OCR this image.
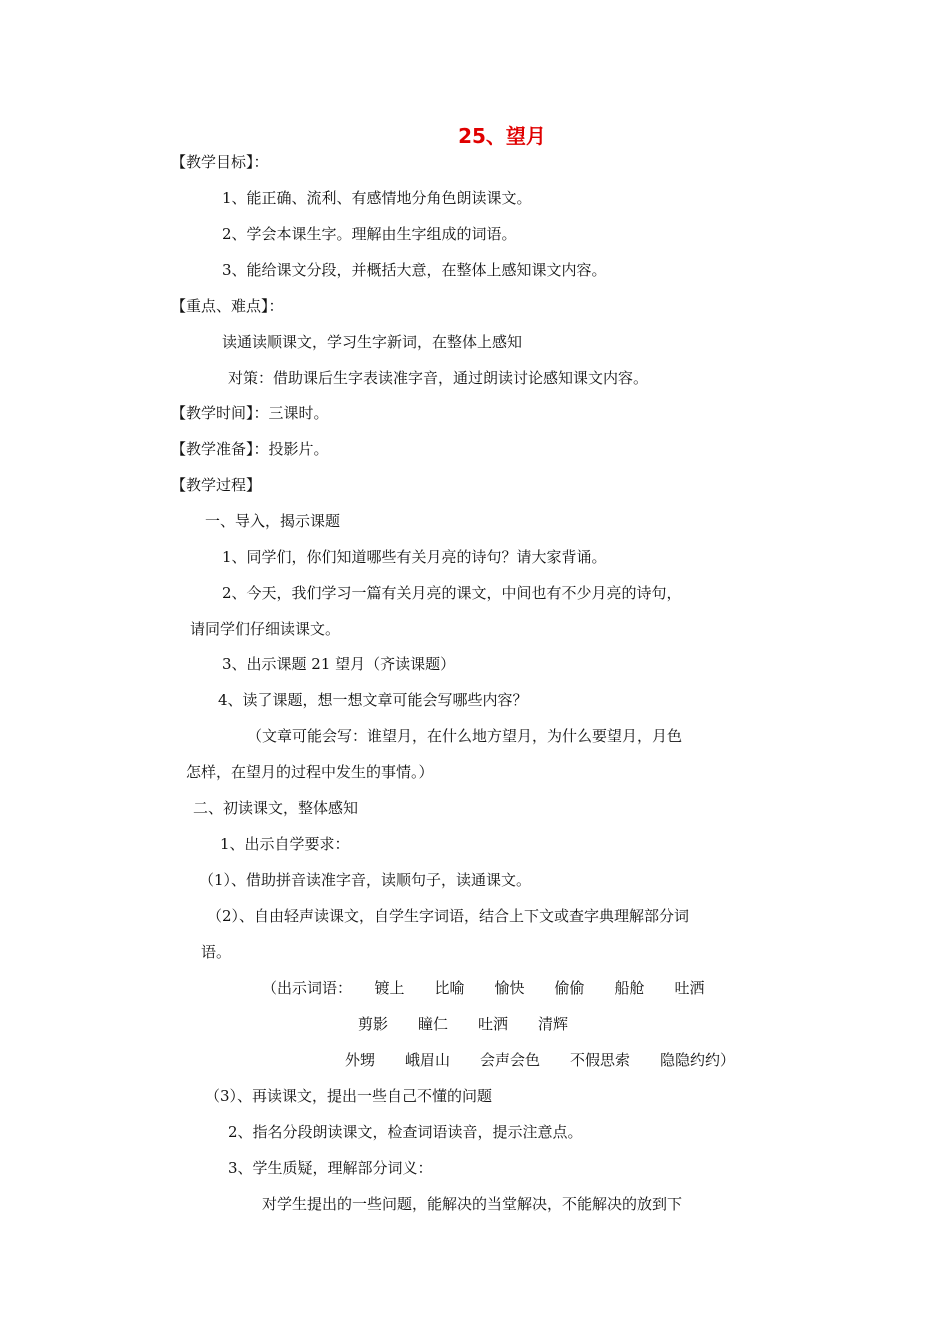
25、望月
【教学目标】：
1、能正确、流利、有感情地分角色朗读课文。
2、学会本课生字。理解由生字组成的词语。
3、能给课文分段，并概括大意，在整体上感知课文内容。
【重点、难点】：
读通读顺课文，学习生字新词，在整体上感知
对策：借助课后生字表读准字音，通过朗读讨论感知课文内容。
【教学时间】：三课时。
【教学准备】：投影片。
【教学过程】
一、导入，揭示课题
1、同学们，你们知道哪些有关月亮的诗句？请大家背诵。
2、今天，我们学习一篇有关月亮的课文，中间也有不少月亮的诗句，
请同学们仔细读课文。
3、出示课题 21 望月（齐读课题）
4、读了课题，想一想文章可能会写哪些内容？
（文章可能会写：谁望月，在什么地方望月，为什么要望月，月色
怎样，在望月的过程中发生的事情。）
二、初读课文，整体感知
1、出示自学要求：
（1）、借助拼音读准字音，读顺句子，读通课文。
（2）、自由轻声读课文，自学生字词语，结合上下文或查字典理解部分词
语。
（出示词语：　　镀上　　比喻　　愉快　　偷偷　　船舱　　吐洒
剪影　　瞳仁　　吐洒　　清辉
外甥　　峨眉山　　会声会色　　不假思索　　隐隐约约）
（3）、再读课文，提出一些自己不懂的问题
2、指名分段朗读课文，检查词语读音，提示注意点。
3、学生质疑，理解部分词义：
对学生提出的一些问题，能解决的当堂解决，不能解决的放到下
